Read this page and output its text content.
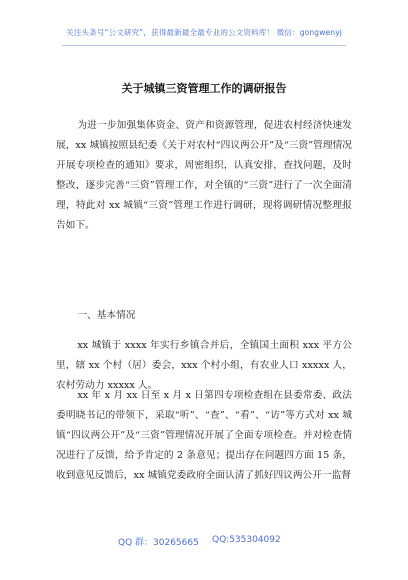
关注头条号“公文研究”，获得最新最全最专业的公文资料库！ 微信：gongwenyj
关于城镇三资管理工作的调研报告

为进一步加强集体资金、资产和资源管理，促进农村经济快速发展，xx 城镇按照县纪委《关于对农村“四议两公开”及“三资”管理情况开展专项检查的通知》要求，周密组织，认真安排，查找问题，及时整改，逐步完善“三资”管理工作，对全镇的“三资”进行了一次全面清理，特此对 xx 城镇“三资”管理工作进行调研，现将调研情况整理报告如下。

一、基本情况

xx 城镇于 xxxx 年实行乡镇合并后，全镇国土面积 xxx 平方公里，辖 xx 个村（居）委会，xxx 个村小组，有农业人口 xxxxx 人，农村劳动力 xxxxx 人。

xx 年 x 月 xx 日至 x 月 x 日第四专项检查组在县委常委、政法委明晓书记的带领下，采取“听”、“查”、“看”、“访”等方式对 xx 城镇“四议两公开”及“三资”管理情况开展了全面专项检查。并对检查情况进行了反馈，给予肯定的 2 条意见；提出存在问题四方面 15 条，收到意见反馈后，xx 城镇党委政府全面认清了抓好四议两公开一监督

QQ 群：30265665 QQ:535304092
